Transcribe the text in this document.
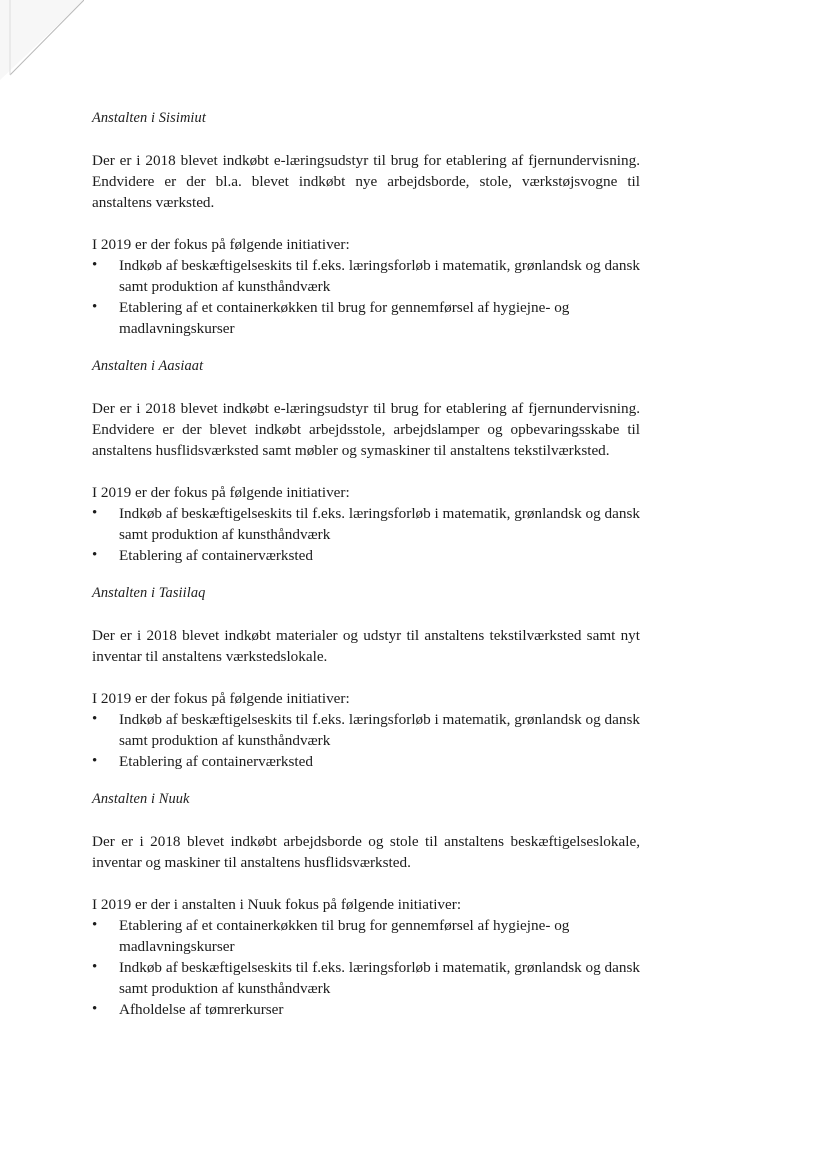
Anstalten i Sisimiut

Der er i 2018 blevet indkøbt e-læringsudstyr til brug for etablering af fjernundervisning. Endvidere er der bl.a. blevet indkøbt nye arbejdsborde, stole, værkstøjsvogne til anstaltens værksted.

I 2019 er der fokus på følgende initiativer:

• Indkøb af beskæftigelseskits til f.eks. læringsforløb i matematik, grønlandsk og dansk samt produktion af kunsthåndværk
• Etablering af et containerkøkken til brug for gennemførsel af hygiejne- og madlavningskurser

Anstalten i Aasiaat

Der er i 2018 blevet indkøbt e-læringsudstyr til brug for etablering af fjernundervisning. Endvidere er der blevet indkøbt arbejdsstole, arbejdslamper og opbevaringsskabe til anstaltens husflidsværksted samt møbler og symaskiner til anstaltens tekstilværksted.

I 2019 er der fokus på følgende initiativer:

• Indkøb af beskæftigelseskits til f.eks. læringsforløb i matematik, grønlandsk og dansk samt produktion af kunsthåndværk
• Etablering af containerværksted

Anstalten i Tasiilaq

Der er i 2018 blevet indkøbt materialer og udstyr til anstaltens tekstilværksted samt nyt inventar til anstaltens værkstedslokale.

I 2019 er der fokus på følgende initiativer:

• Indkøb af beskæftigelseskits til f.eks. læringsforløb i matematik, grønlandsk og dansk samt produktion af kunsthåndværk
• Etablering af containerværksted

Anstalten i Nuuk

Der er i 2018 blevet indkøbt arbejdsborde og stole til anstaltens beskæftigelseslokale, inventar og maskiner til anstaltens husflidsværksted.

I 2019 er der i anstalten i Nuuk fokus på følgende initiativer:

• Etablering af et containerkøkken til brug for gennemførsel af hygiejne- og madlavningskurser
• Indkøb af beskæftigelseskits til f.eks. læringsforløb i matematik, grønlandsk og dansk samt produktion af kunsthåndværk
• Afholdelse af tømrerkurser
